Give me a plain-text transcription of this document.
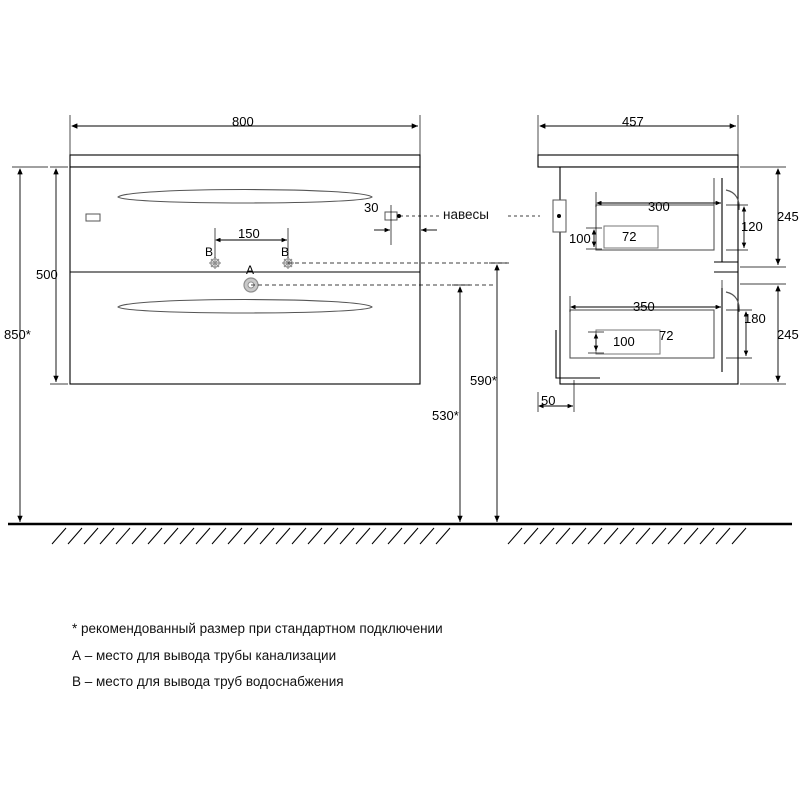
800
500
850*
150
30
590*
530*
B	B
A
навесы
457
300
100 72
120
245
350
100 72
180
245
50
* рекомендованный размер при стандартном подключении
А – место для вывода трубы канализации
В – место для вывода труб водоснабжения
